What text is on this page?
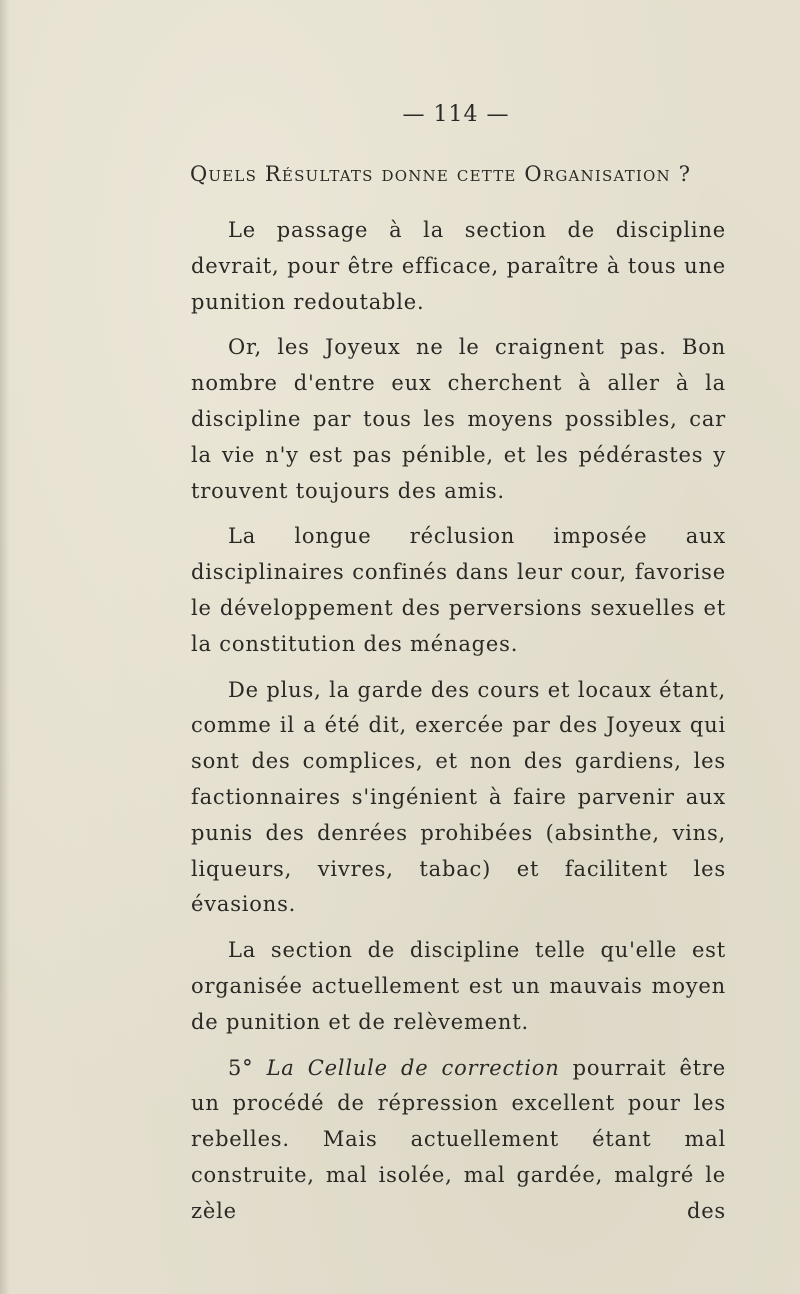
— 114 —
Quels Résultats donne cette Organisation ?

Le passage à la section de discipline devrait, pour être efficace, paraître à tous une punition redoutable.

Or, les Joyeux ne le craignent pas. Bon nombre d'entre eux cherchent à aller à la discipline par tous les moyens possibles, car la vie n'y est pas pénible, et les pédérastes y trouvent toujours des amis.

La longue réclusion imposée aux disciplinaires confinés dans leur cour, favorise le développement des perversions sexuelles et la constitution des ménages.

De plus, la garde des cours et locaux étant, comme il a été dit, exercée par des Joyeux qui sont des complices, et non des gardiens, les factionnaires s'ingénient à faire parvenir aux punis des denrées prohibées (absinthe, vins, liqueurs, vivres, tabac) et facilitent les évasions.

La section de discipline telle qu'elle est organisée actuellement est un mauvais moyen de punition et de relèvement.

5° La Cellule de correction pourrait être un procédé de répression excellent pour les rebelles. Mais actuellement étant mal construite, mal isolée, mal gardée, malgré le zèle des
